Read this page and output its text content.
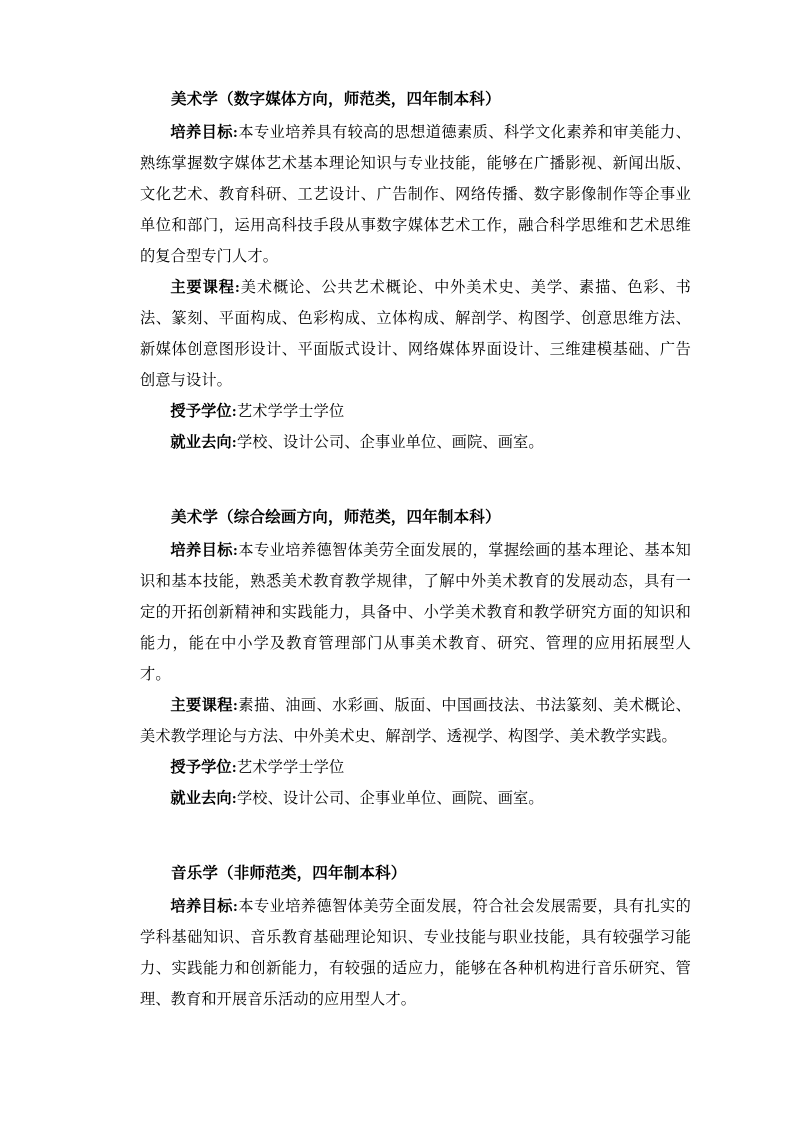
美术学（数字媒体方向，师范类，四年制本科）

培养目标:本专业培养具有较高的思想道德素质、科学文化素养和审美能力、熟练掌握数字媒体艺术基本理论知识与专业技能，能够在广播影视、新闻出版、文化艺术、教育科研、工艺设计、广告制作、网络传播、数字影像制作等企事业单位和部门，运用高科技手段从事数字媒体艺术工作，融合科学思维和艺术思维的复合型专门人才。

主要课程:美术概论、公共艺术概论、中外美术史、美学、素描、色彩、书法、篆刻、平面构成、色彩构成、立体构成、解剖学、构图学、创意思维方法、新媒体创意图形设计、平面版式设计、网络媒体界面设计、三维建模基础、广告创意与设计。

授予学位:艺术学学士学位

就业去向:学校、设计公司、企事业单位、画院、画室。

美术学（综合绘画方向，师范类，四年制本科）

培养目标:本专业培养德智体美劳全面发展的，掌握绘画的基本理论、基本知识和基本技能，熟悉美术教育教学规律，了解中外美术教育的发展动态，具有一定的开拓创新精神和实践能力，具备中、小学美术教育和教学研究方面的知识和能力，能在中小学及教育管理部门从事美术教育、研究、管理的应用拓展型人才。

主要课程:素描、油画、水彩画、版面、中国画技法、书法篆刻、美术概论、美术教学理论与方法、中外美术史、解剖学、透视学、构图学、美术教学实践。

授予学位:艺术学学士学位

就业去向:学校、设计公司、企事业单位、画院、画室。

音乐学（非师范类，四年制本科）

培养目标:本专业培养德智体美劳全面发展，符合社会发展需要，具有扎实的学科基础知识、音乐教育基础理论知识、专业技能与职业技能，具有较强学习能力、实践能力和创新能力，有较强的适应力，能够在各种机构进行音乐研究、管理、教育和开展音乐活动的应用型人才。
